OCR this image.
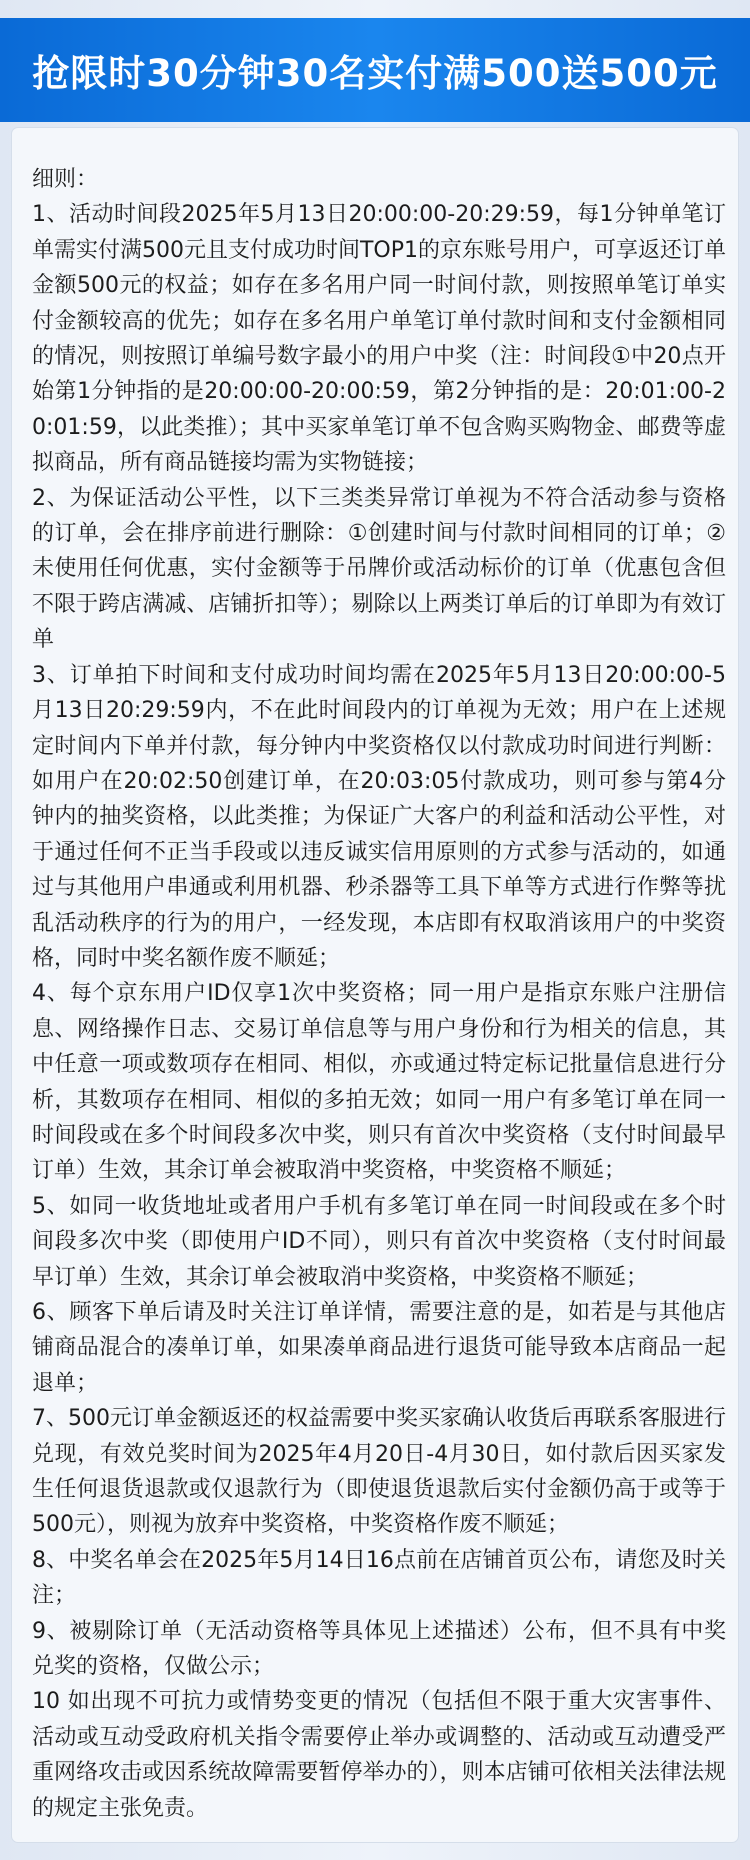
抢限时30分钟30名实付满500送500元

细则：

1、活动时间段2025年5月13日20:00:00-20:29:59，每1分钟单笔订单需实付满500元且支付成功时间TOP1的京东账号用户，可享返还订单金额500元的权益；如存在多名用户同一时间付款，则按照单笔订单实付金额较高的优先；如存在多名用户单笔订单付款时间和支付金额相同的情况，则按照订单编号数字最小的用户中奖（注：时间段①中20点开始第1分钟指的是20:00:00-20:00:59，第2分钟指的是：20:01:00-20:01:59，以此类推）；其中买家单笔订单不包含购买购物金、邮费等虚拟商品，所有商品链接均需为实物链接；

2、为保证活动公平性，以下三类类异常订单视为不符合活动参与资格的订单，会在排序前进行删除：①创建时间与付款时间相同的订单；②未使用任何优惠，实付金额等于吊牌价或活动标价的订单（优惠包含但不限于跨店满减、店铺折扣等）；剔除以上两类订单后的订单即为有效订单

3、订单拍下时间和支付成功时间均需在2025年5月13日20:00:00-5月13日20:29:59内，不在此时间段内的订单视为无效；用户在上述规定时间内下单并付款，每分钟内中奖资格仅以付款成功时间进行判断：如用户在20:02:50创建订单，在20:03:05付款成功，则可参与第4分钟内的抽奖资格，以此类推；为保证广大客户的利益和活动公平性，对于通过任何不正当手段或以违反诚实信用原则的方式参与活动的，如通过与其他用户串通或利用机器、秒杀器等工具下单等方式进行作弊等扰乱活动秩序的行为的用户，一经发现，本店即有权取消该用户的中奖资格，同时中奖名额作废不顺延；

4、每个京东用户ID仅享1次中奖资格；同一用户是指京东账户注册信息、网络操作日志、交易订单信息等与用户身份和行为相关的信息，其中任意一项或数项存在相同、相似，亦或通过特定标记批量信息进行分析，其数项存在相同、相似的多拍无效；如同一用户有多笔订单在同一时间段或在多个时间段多次中奖，则只有首次中奖资格（支付时间最早订单）生效，其余订单会被取消中奖资格，中奖资格不顺延；

5、如同一收货地址或者用户手机有多笔订单在同一时间段或在多个时间段多次中奖（即使用户ID不同），则只有首次中奖资格（支付时间最早订单）生效，其余订单会被取消中奖资格，中奖资格不顺延；

6、顾客下单后请及时关注订单详情，需要注意的是，如若是与其他店铺商品混合的凑单订单，如果凑单商品进行退货可能导致本店商品一起退单；

7、500元订单金额返还的权益需要中奖买家确认收货后再联系客服进行兑现，有效兑奖时间为2025年4月20日-4月30日，如付款后因买家发生任何退货退款或仅退款行为（即使退货退款后实付金额仍高于或等于500元），则视为放弃中奖资格，中奖资格作废不顺延；

8、中奖名单会在2025年5月14日16点前在店铺首页公布，请您及时关注；

9、被剔除订单（无活动资格等具体见上述描述）公布，但不具有中奖兑奖的资格，仅做公示；

10 如出现不可抗力或情势变更的情况（包括但不限于重大灾害事件、活动或互动受政府机关指令需要停止举办或调整的、活动或互动遭受严重网络攻击或因系统故障需要暂停举办的），则本店铺可依相关法律法规的规定主张免责。
